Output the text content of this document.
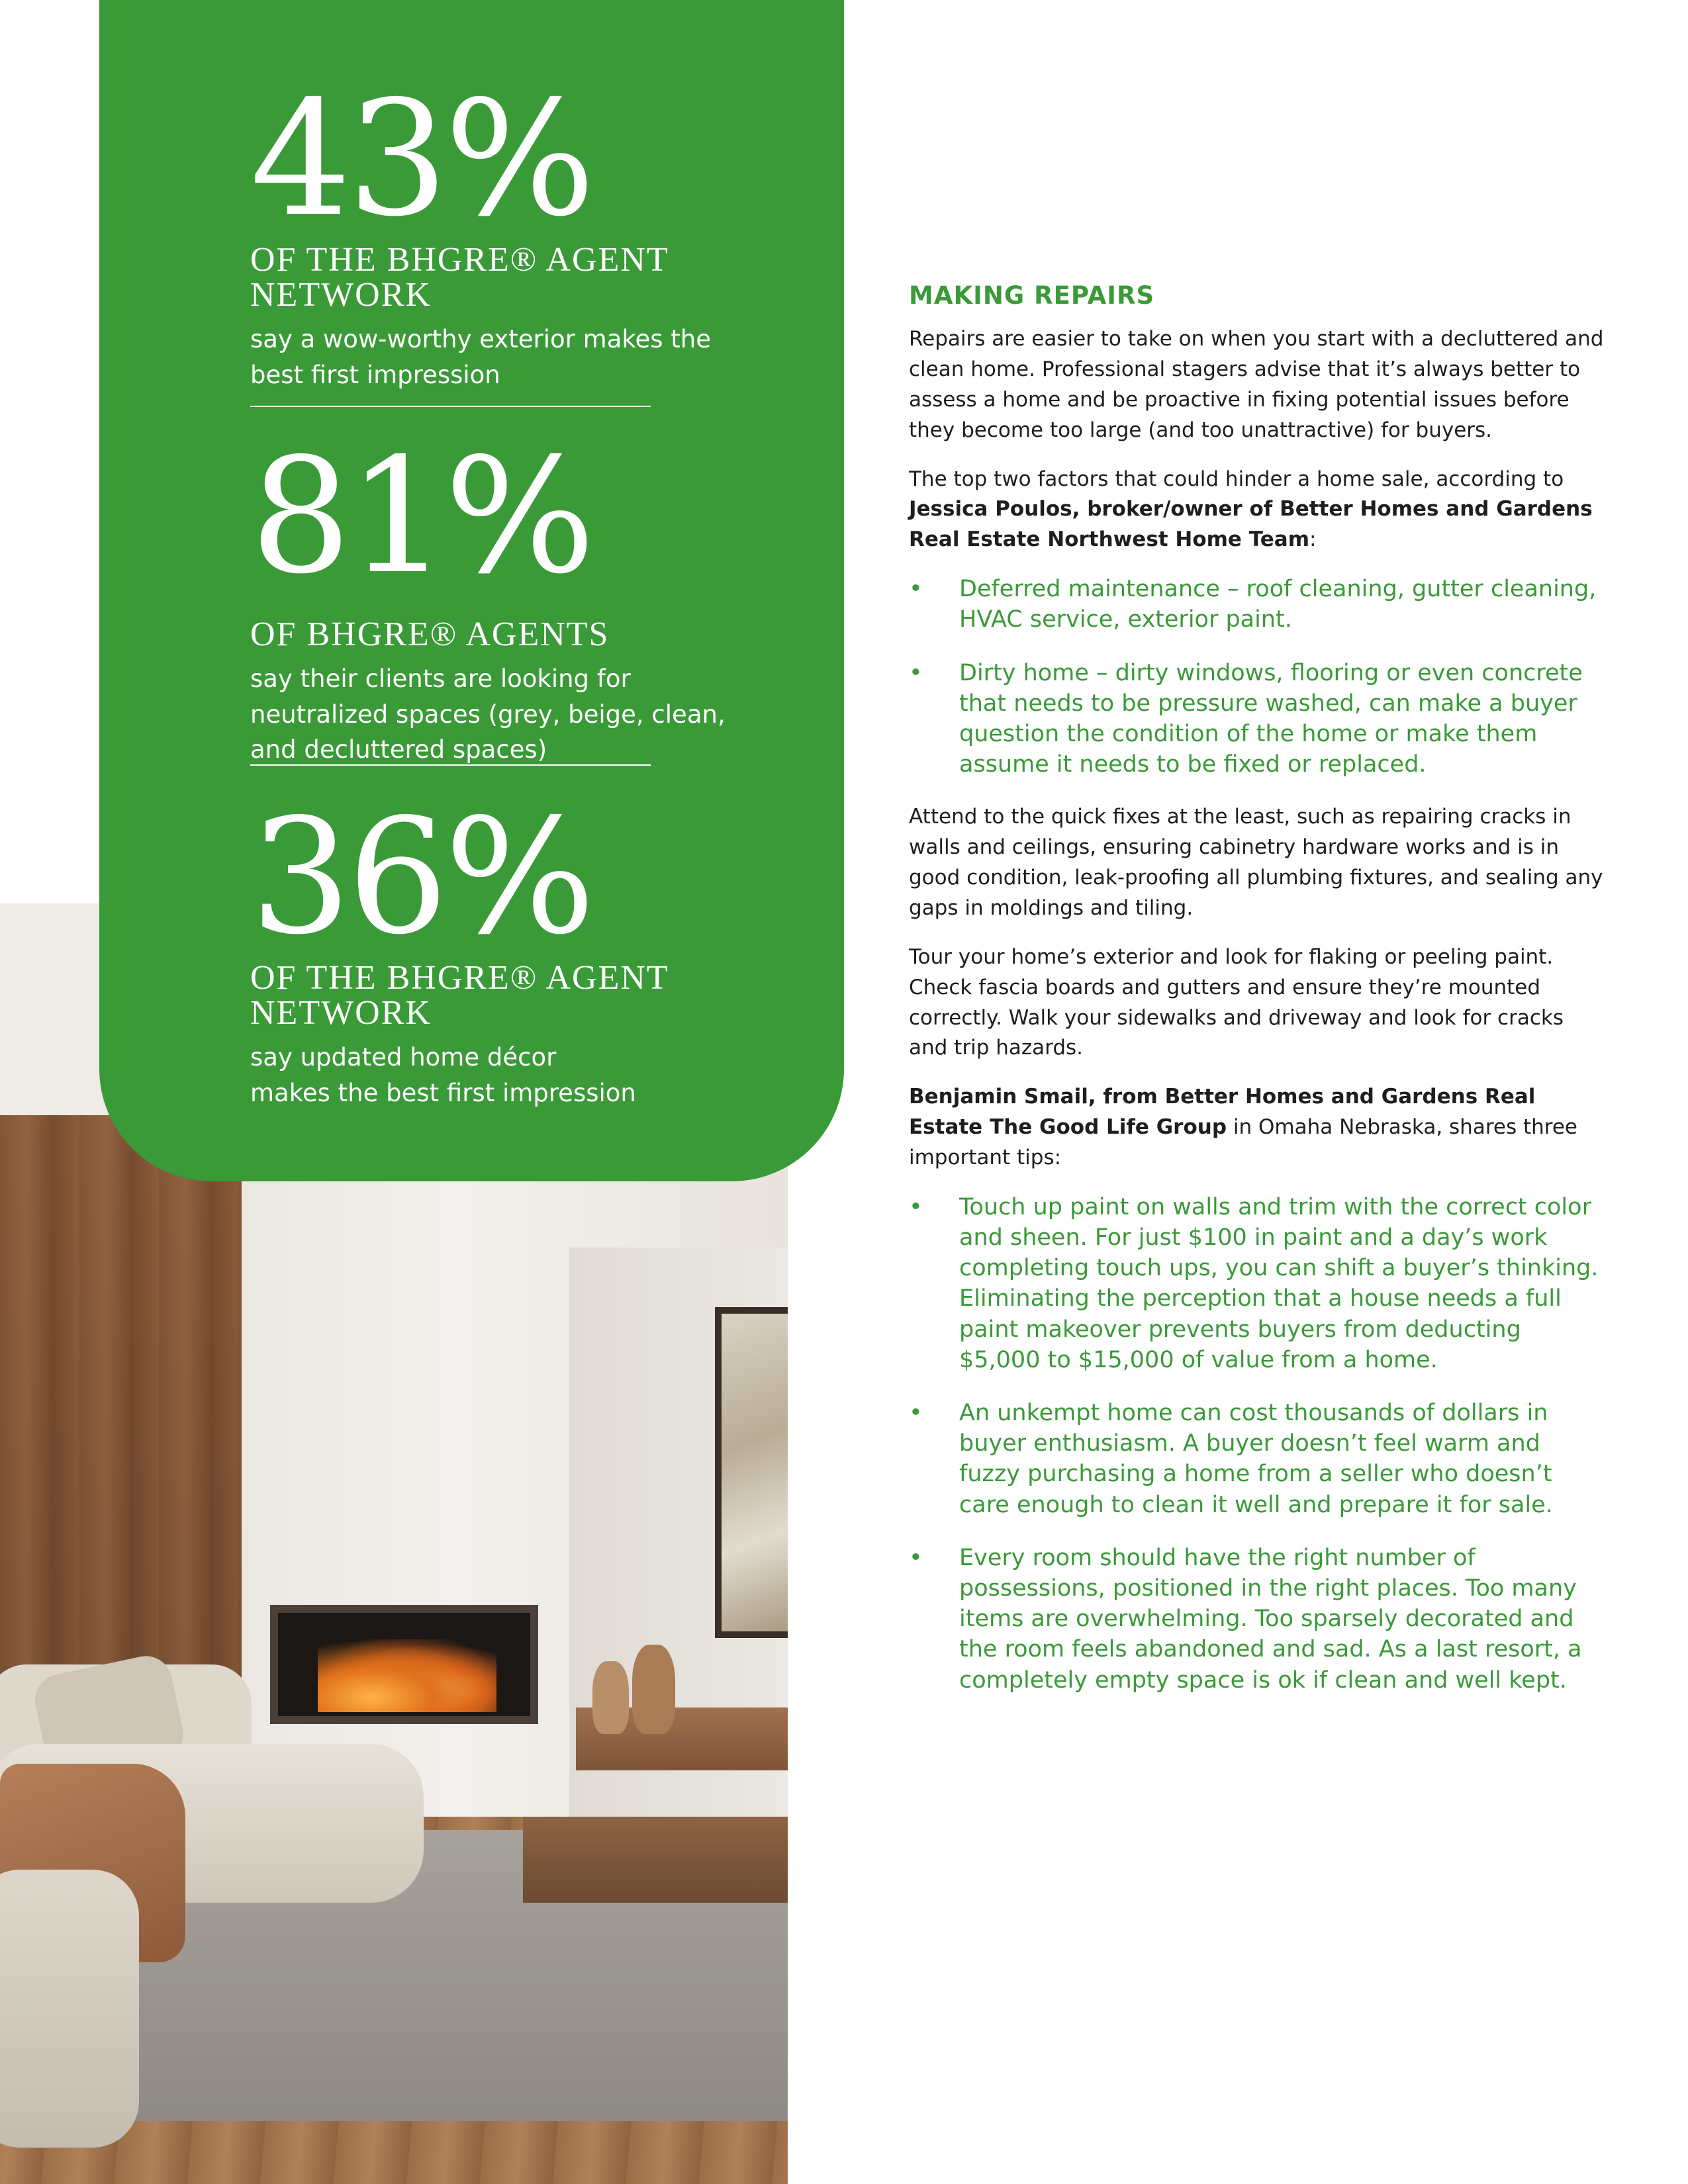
43%
OF THE BHGRE® AGENT NETWORK
say a wow-worthy exterior makes the
best first impression
81%
OF BHGRE® AGENTS
say their clients are looking for
neutralized spaces (grey, beige, clean,
and decluttered spaces)
36%
OF THE BHGRE® AGENT NETWORK
say updated home décor
makes the best first impression
MAKING REPAIRS

Repairs are easier to take on when you start with a decluttered and clean home. Professional stagers advise that it’s always better to assess a home and be proactive in fixing potential issues before they become too large (and too unattractive) for buyers.

The top two factors that could hinder a home sale, according to Jessica Poulos, broker/owner of Better Homes and Gardens Real Estate Northwest Home Team:

• Deferred maintenance – roof cleaning, gutter cleaning, HVAC service, exterior paint.
• Dirty home – dirty windows, flooring or even concrete that needs to be pressure washed, can make a buyer question the condition of the home or make them assume it needs to be fixed or replaced.

Attend to the quick fixes at the least, such as repairing cracks in walls and ceilings, ensuring cabinetry hardware works and is in good condition, leak-proofing all plumbing fixtures, and sealing any gaps in moldings and tiling.

Tour your home’s exterior and look for flaking or peeling paint. Check fascia boards and gutters and ensure they’re mounted correctly. Walk your sidewalks and driveway and look for cracks and trip hazards.

Benjamin Smail, from Better Homes and Gardens Real Estate The Good Life Group in Omaha Nebraska, shares three important tips:

• Touch up paint on walls and trim with the correct color and sheen. For just $100 in paint and a day’s work completing touch ups, you can shift a buyer’s thinking. Eliminating the perception that a house needs a full paint makeover prevents buyers from deducting $5,000 to $15,000 of value from a home.
• An unkempt home can cost thousands of dollars in buyer enthusiasm. A buyer doesn’t feel warm and fuzzy purchasing a home from a seller who doesn’t care enough to clean it well and prepare it for sale.
• Every room should have the right number of possessions, positioned in the right places. Too many items are overwhelming. Too sparsely decorated and the room feels abandoned and sad. As a last resort, a completely empty space is ok if clean and well kept.
